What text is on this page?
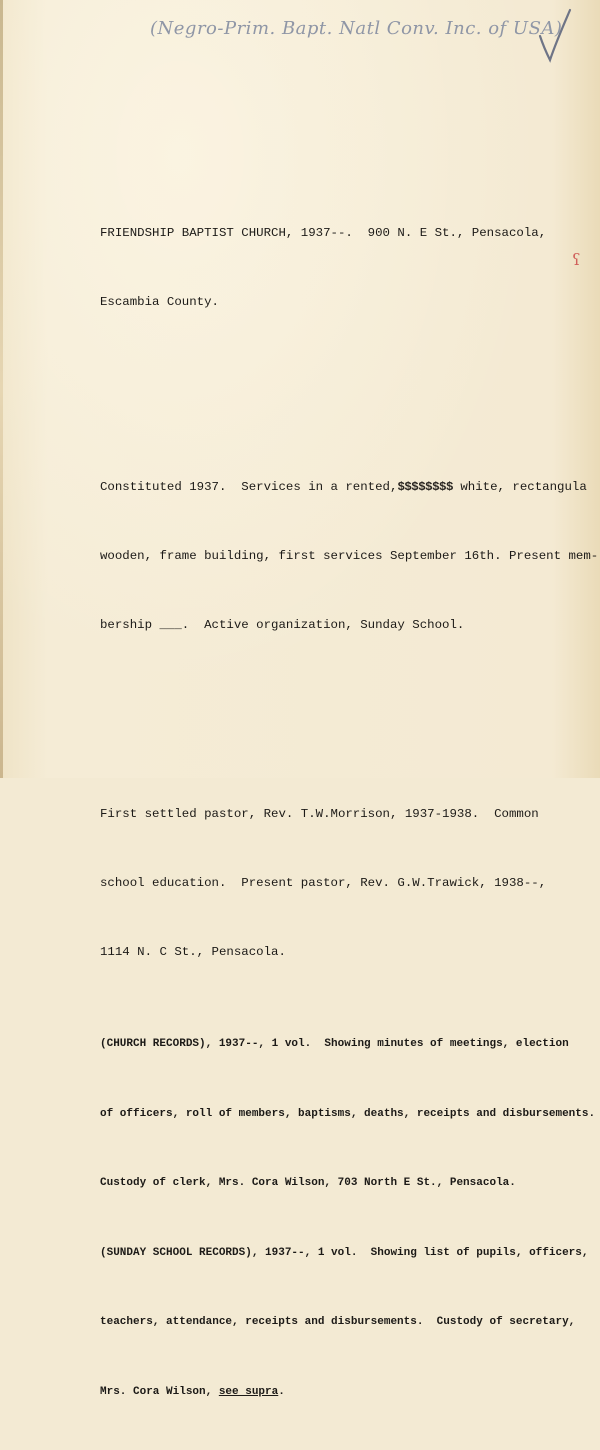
(Negro-Prim. Bapt. Natl Conv. Inc. of USA)
ʕ

FRIENDSHIP BAPTIST CHURCH, 1937--.  900 N. E St., Pensacola,

Escambia County.

Constituted 1937.  Services in a rented,$$$$$$$$ white, rectangula

wooden, frame building, first services September 16th. Present mem-

bership ___.  Active organization, Sunday School.

First settled pastor, Rev. T.W.Morrison, 1937-1938.  Common

school education.  Present pastor, Rev. G.W.Trawick, 1938--,

1114 N. C St., Pensacola.

(CHURCH RECORDS), 1937--, 1 vol.  Showing minutes of meetings, election

of officers, roll of members, baptisms, deaths, receipts and disbursements.

Custody of clerk, Mrs. Cora Wilson, 703 North E St., Pensacola.

(SUNDAY SCHOOL RECORDS), 1937--, 1 vol.  Showing list of pupils, officers,

teachers, attendance, receipts and disbursements.  Custody of secretary,

Mrs. Cora Wilson, see supra.
